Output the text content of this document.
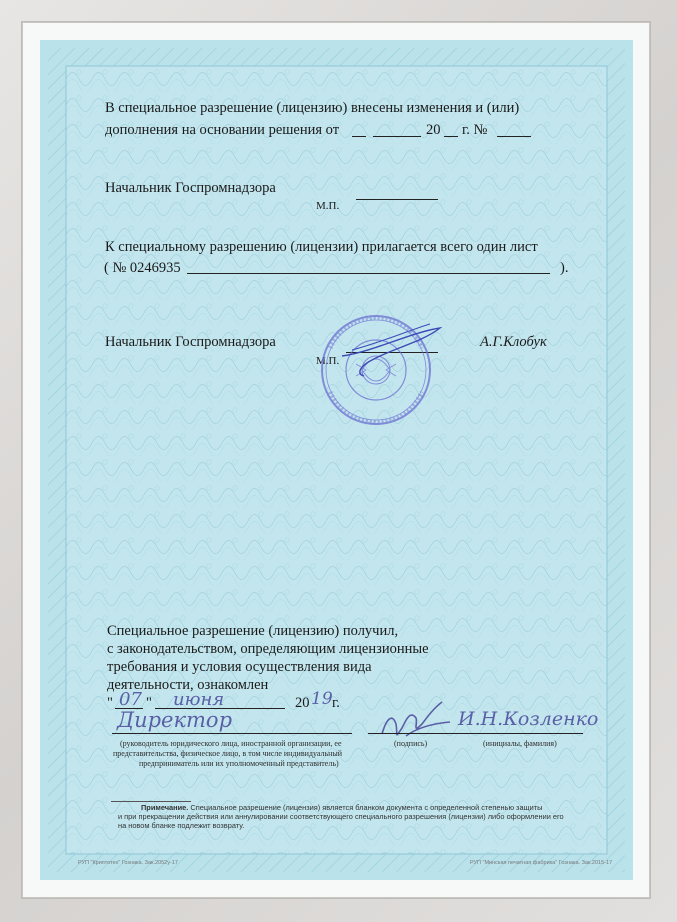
В специальное разрешение (лицензию) внесены изменения и (или)
дополнения на основании решения от	20 г. №
Начальник Госпромнадзора
М.П.
К специальному разрешению (лицензии) прилагается всего один лист
( № 0246935	).
Начальник Госпромнадзора
М.П.
А.Г.Клобук
Специальное разрешение (лицензию) получил,
с законодательством, определяющим лицензионные
требования и условия осуществления вида
деятельности, ознакомлен
" 07 " июня	20 19 г.
Директор	И.Н.Козленко
(руководитель юридического лица, иностранной организации, ее
представительства, физическое лицо, в том числе индивидуальный
предприниматель или их уполномоченный представитель)
(подпись)	(инициалы, фамилия)
Примечание. Специальное разрешение (лицензия) является бланком документа с определенной степенью защиты
и при прекращении действия или аннулировании соответствующего специального разрешения (лицензии) либо оформлении его
на новом бланке подлежит возврату.
РУП "Криптотех" Гознака. Зак.2052у-17	РУП "Минская печатная фабрика" Гознака. Зак.2015-17
